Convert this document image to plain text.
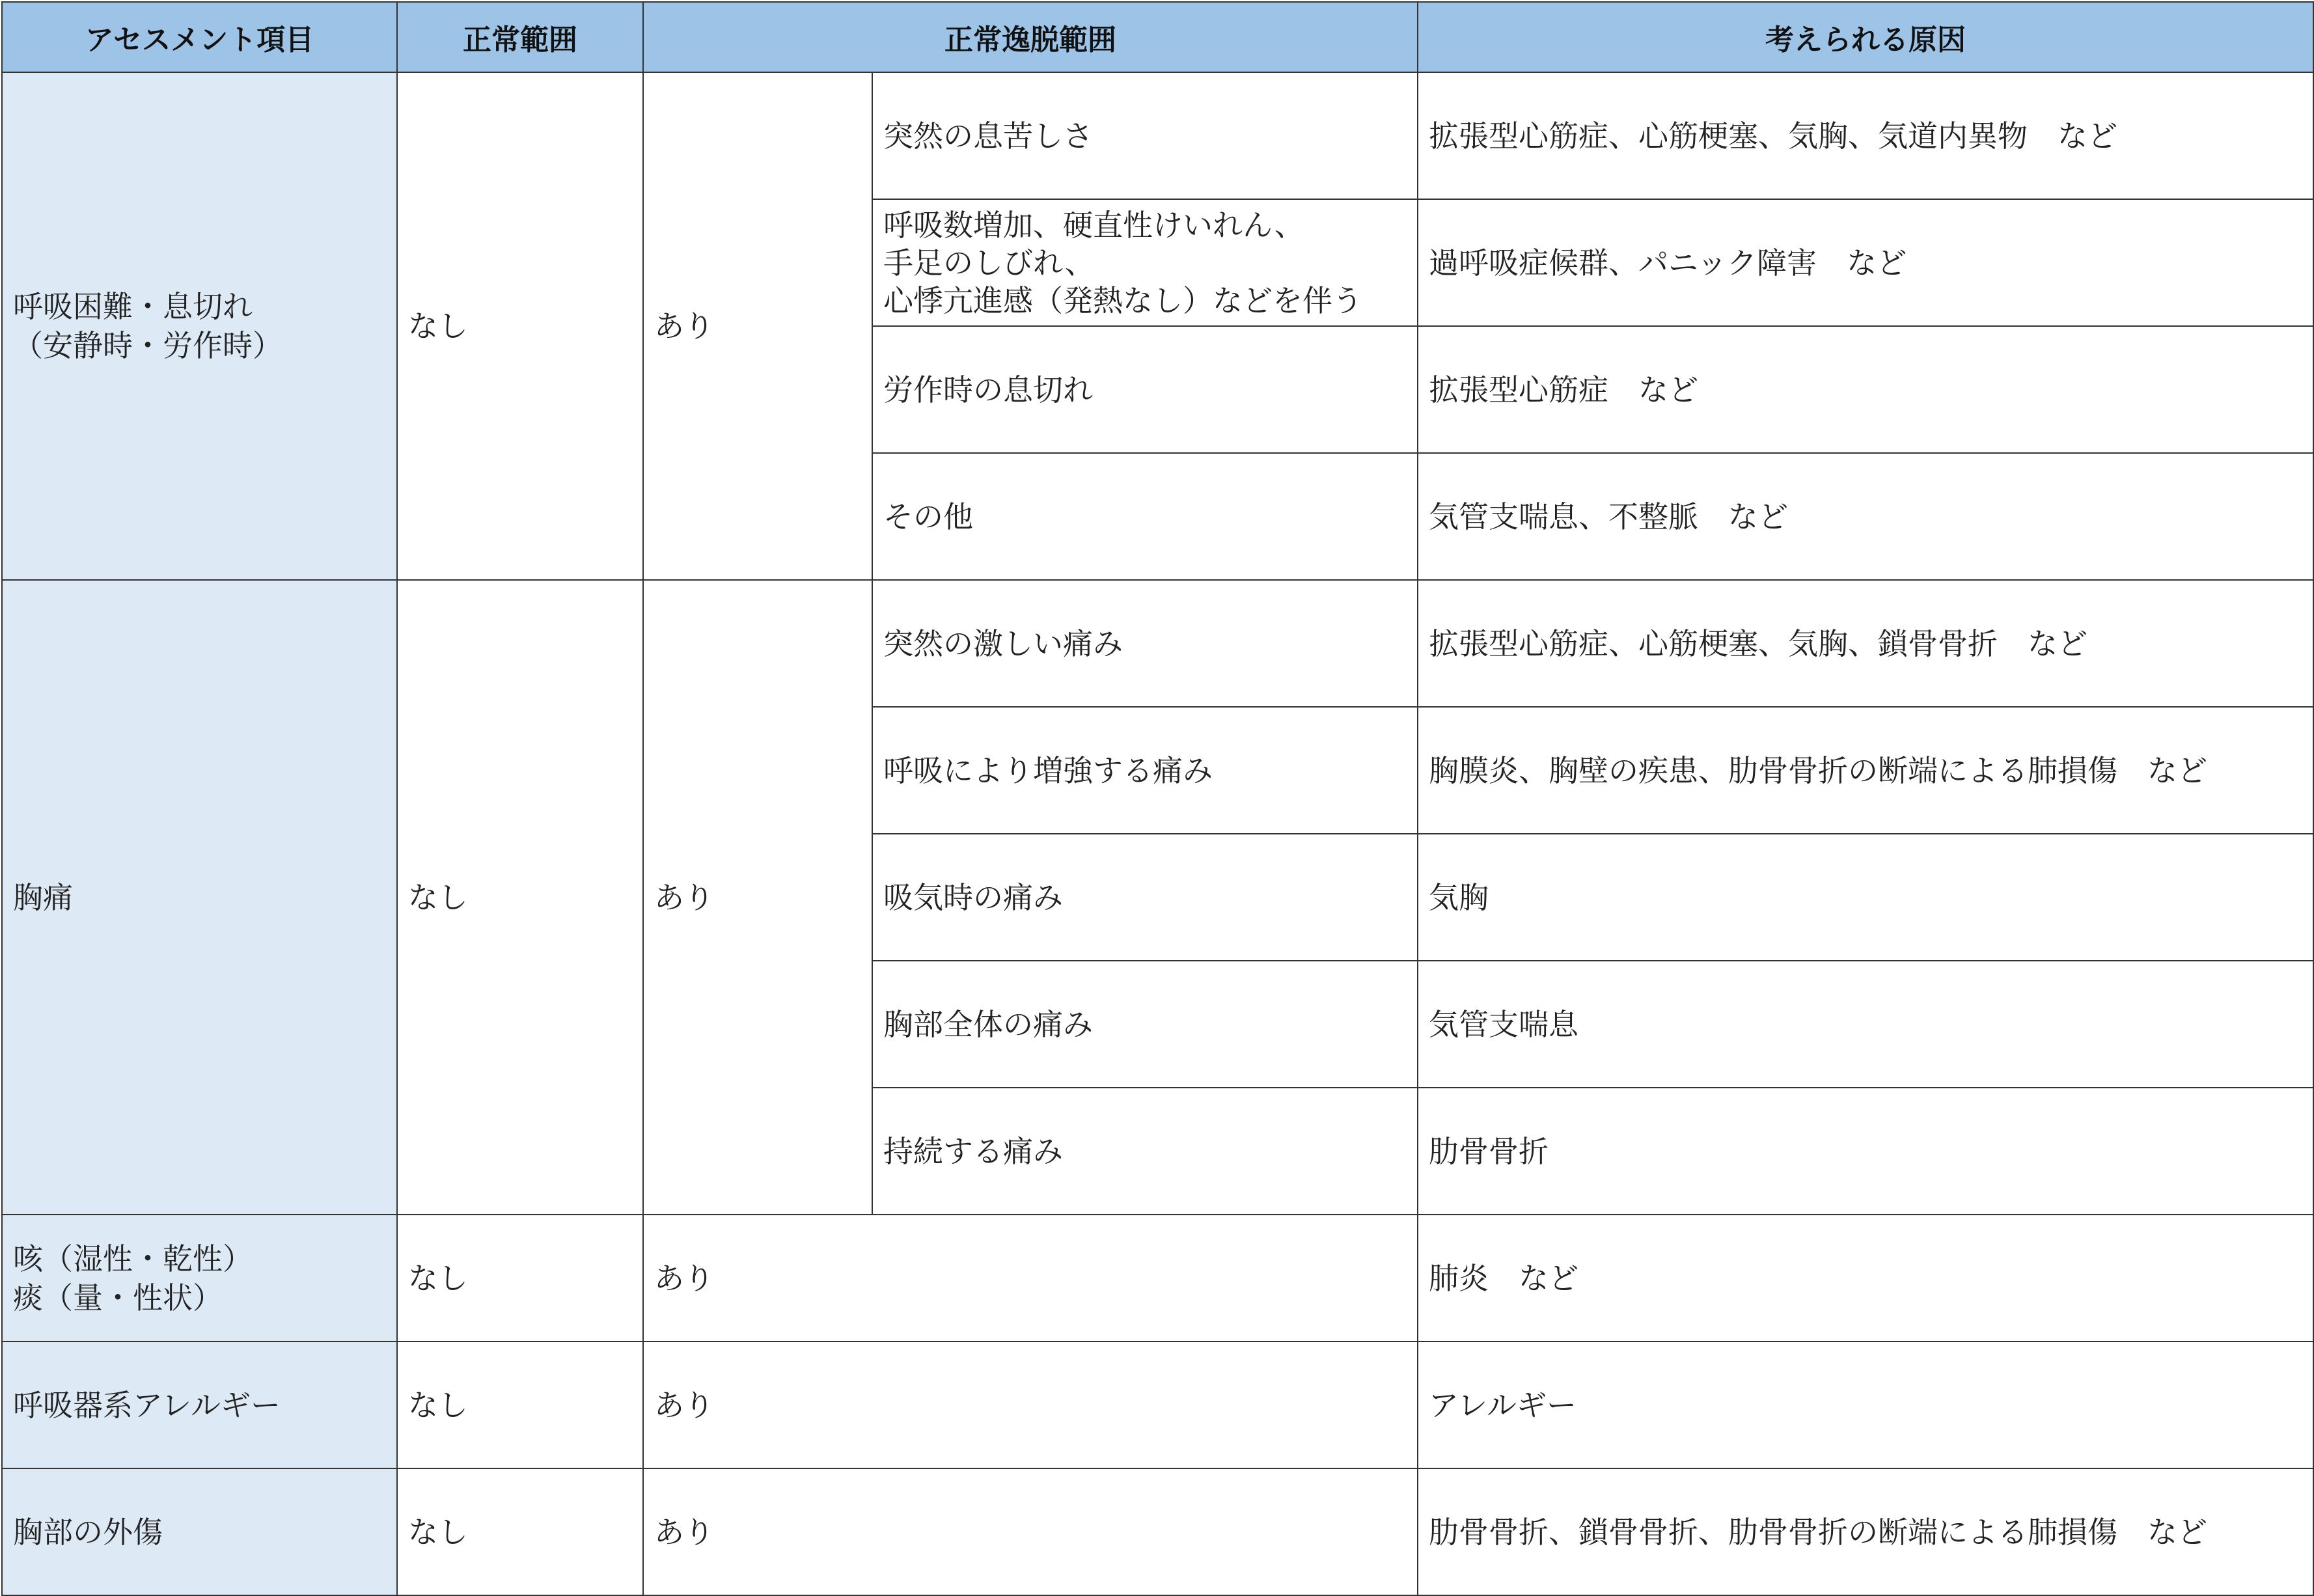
アセスメント項目	正常範囲	正常逸脱範囲		考えられる原因

呼吸困難・息切れ
（安静時・労作時）	なし	あり	突然の息苦しさ	拡張型心筋症、心筋梗塞、気胸、気道内異物　など

			呼吸数増加、硬直性けいれん、
手足のしびれ、
心悸亢進感（発熱なし）などを伴う	過呼吸症候群、パニック障害　など
			労作時の息切れ	拡張型心筋症　など
			その他	気管支喘息、不整脈　など
胸痛	なし	あり	突然の激しい痛み	拡張型心筋症、心筋梗塞、気胸、鎖骨骨折　など
			呼吸により増強する痛み	胸膜炎、胸壁の疾患、肋骨骨折の断端による肺損傷　など
			吸気時の痛み	気胸
			胸部全体の痛み	気管支喘息
			持続する痛み	肋骨骨折

咳（湿性・乾性）
痰（量・性状）	なし	あり		肺炎　など
呼吸器系アレルギー	なし	あり		アレルギー
胸部の外傷	なし	あり		肋骨骨折、鎖骨骨折、肋骨骨折の断端による肺損傷　など
